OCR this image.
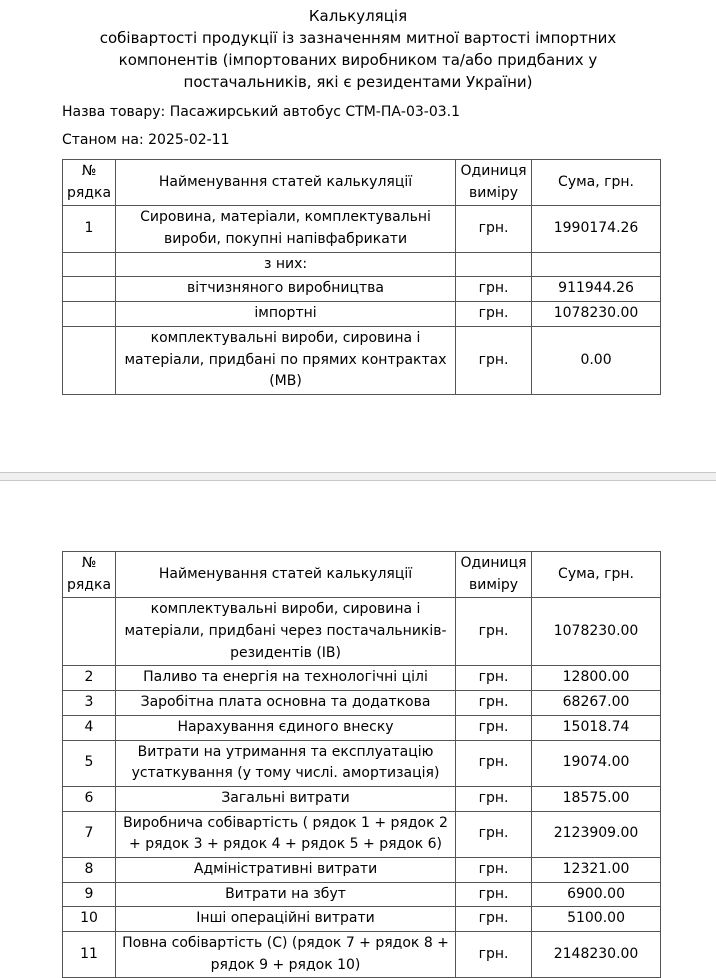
Калькуляція
собівартості продукції із зазначенням митної вартості імпортних
компонентів (імпортованих виробником та/або придбаних у
постачальників, які є резидентами України)
Назва товару: Пасажирський автобус СТМ-ПА-03-03.1
Станом на: 2025-02-11
№ рядка	Найменування статей калькуляції	Одиниця виміру	Сума, грн.
1	Сировина, матеріали, комплектувальні вироби, покупні напівфабрикати	грн.	1990174.26
	з них:		
	вітчизняного виробництва	грн.	911944.26
	імпортні	грн.	1078230.00
	комплектувальні вироби, сировина і матеріали, придбані по прямих контрактах (МВ)	грн.	0.00
№ рядка	Найменування статей калькуляції	Одиниця виміру	Сума, грн.
	комплектувальні вироби, сировина і матеріали, придбані через постачальників-резидентів (ІВ)	грн.	1078230.00
2	Паливо та енергія на технологічні цілі	грн.	12800.00
3	Заробітна плата основна та додаткова	грн.	68267.00
4	Нарахування єдиного внеску	грн.	15018.74
5	Витрати на утримання та експлуатацію устаткування (у тому числі. амортизація)	грн.	19074.00
6	Загальні витрати	грн.	18575.00
7	Виробнича собівартість ( рядок 1 + рядок 2 + рядок 3 + рядок 4 + рядок 5 + рядок 6)	грн.	2123909.00
8	Адміністративні витрати	грн.	12321.00
9	Витрати на збут	грн.	6900.00
10	Інші операційні витрати	грн.	5100.00
11	Повна собівартість (С) (рядок 7 + рядок 8 + рядок 9 + рядок 10)	грн.	2148230.00
